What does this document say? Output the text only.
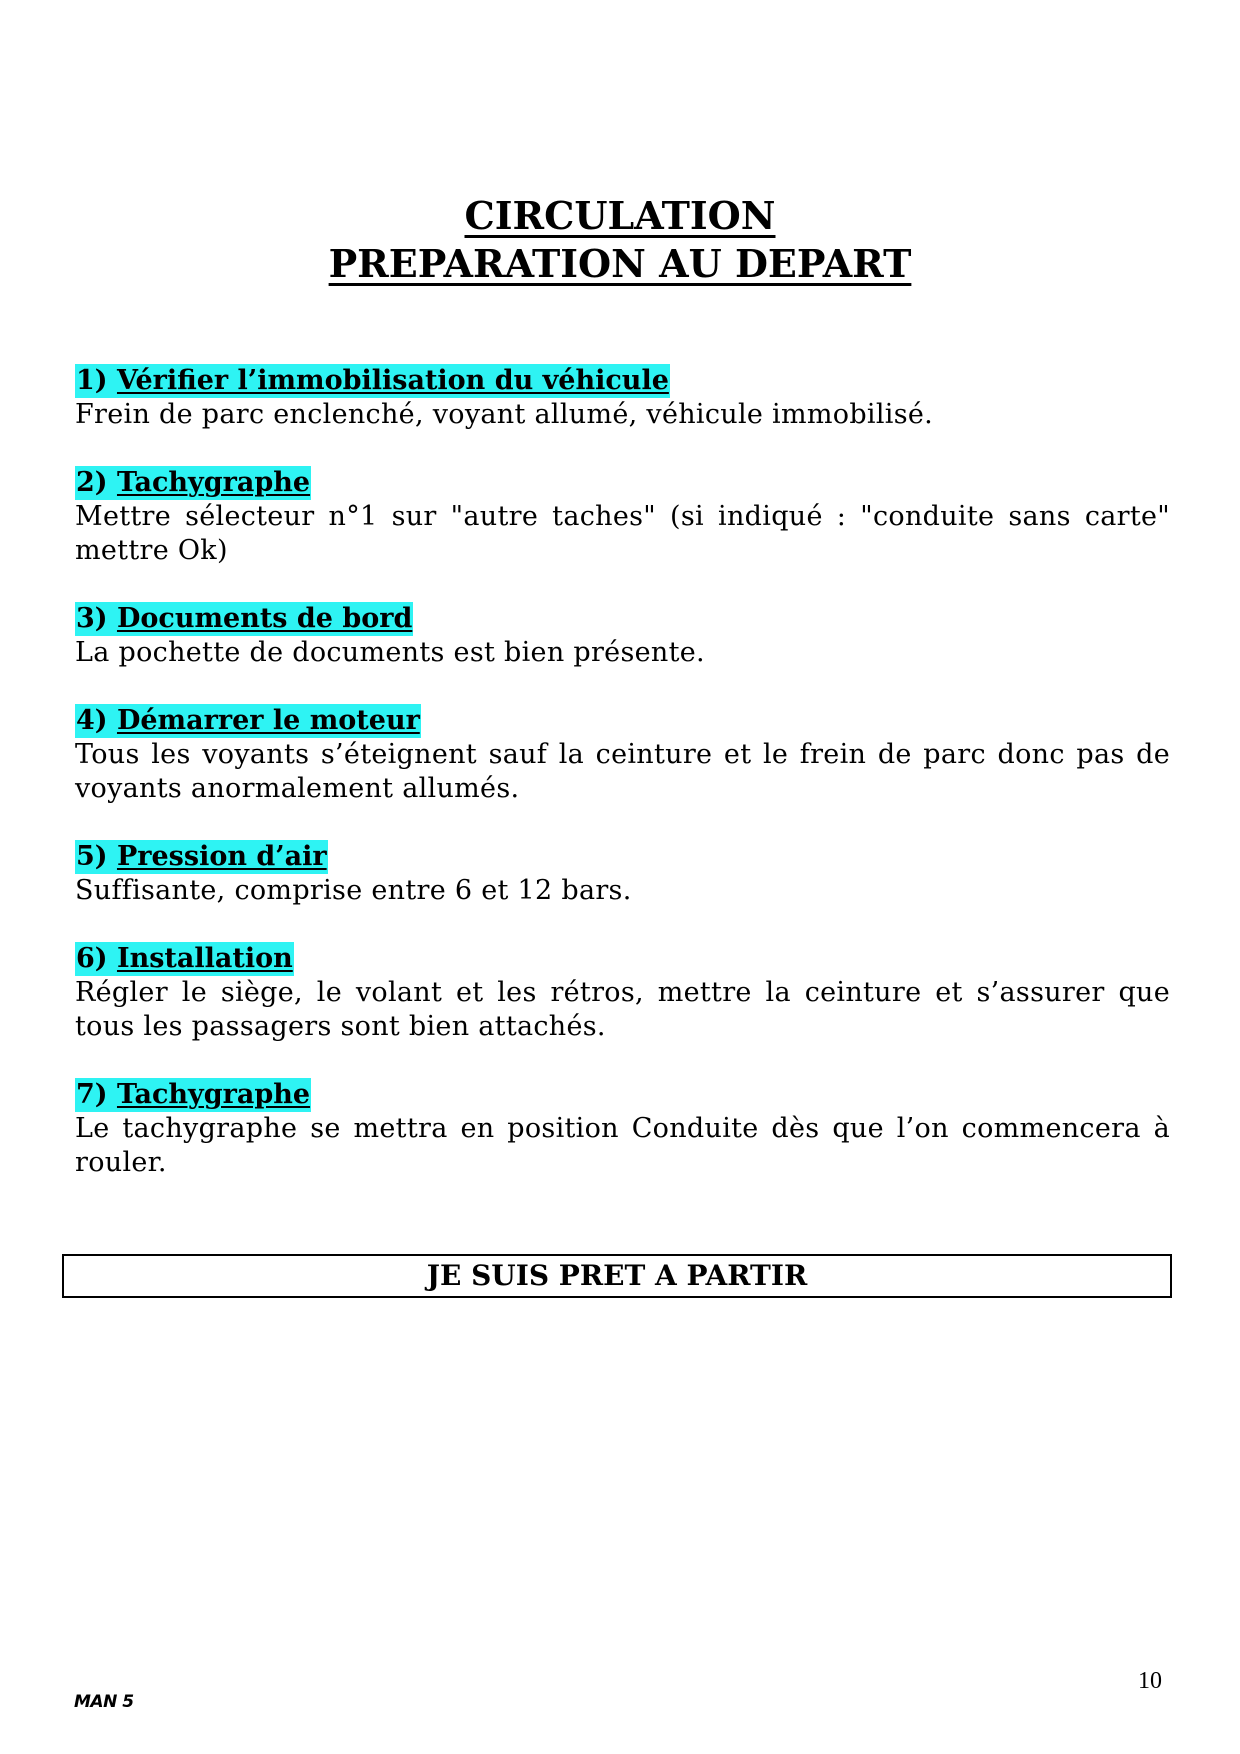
CIRCULATION
PREPARATION AU DEPART
1) Vérifier l’immobilisation du véhicule
Frein de parc enclenché, voyant allumé, véhicule immobilisé.
2) Tachygraphe
Mettre sélecteur n°1 sur "autre taches" (si indiqué : "conduite sans carte" mettre Ok)
3) Documents de bord
La pochette de documents est bien présente.
4) Démarrer le moteur
Tous les voyants s’éteignent sauf la ceinture et le frein de parc donc pas de voyants anormalement allumés.
5) Pression d’air
Suffisante, comprise entre 6 et 12 bars.
6) Installation
Régler le siège, le volant et les rétros, mettre la ceinture et s’assurer que tous les passagers sont bien attachés.
7) Tachygraphe
Le tachygraphe se mettra en position Conduite dès que l’on commencera à rouler.
JE SUIS PRET A PARTIR
10
MAN 5
